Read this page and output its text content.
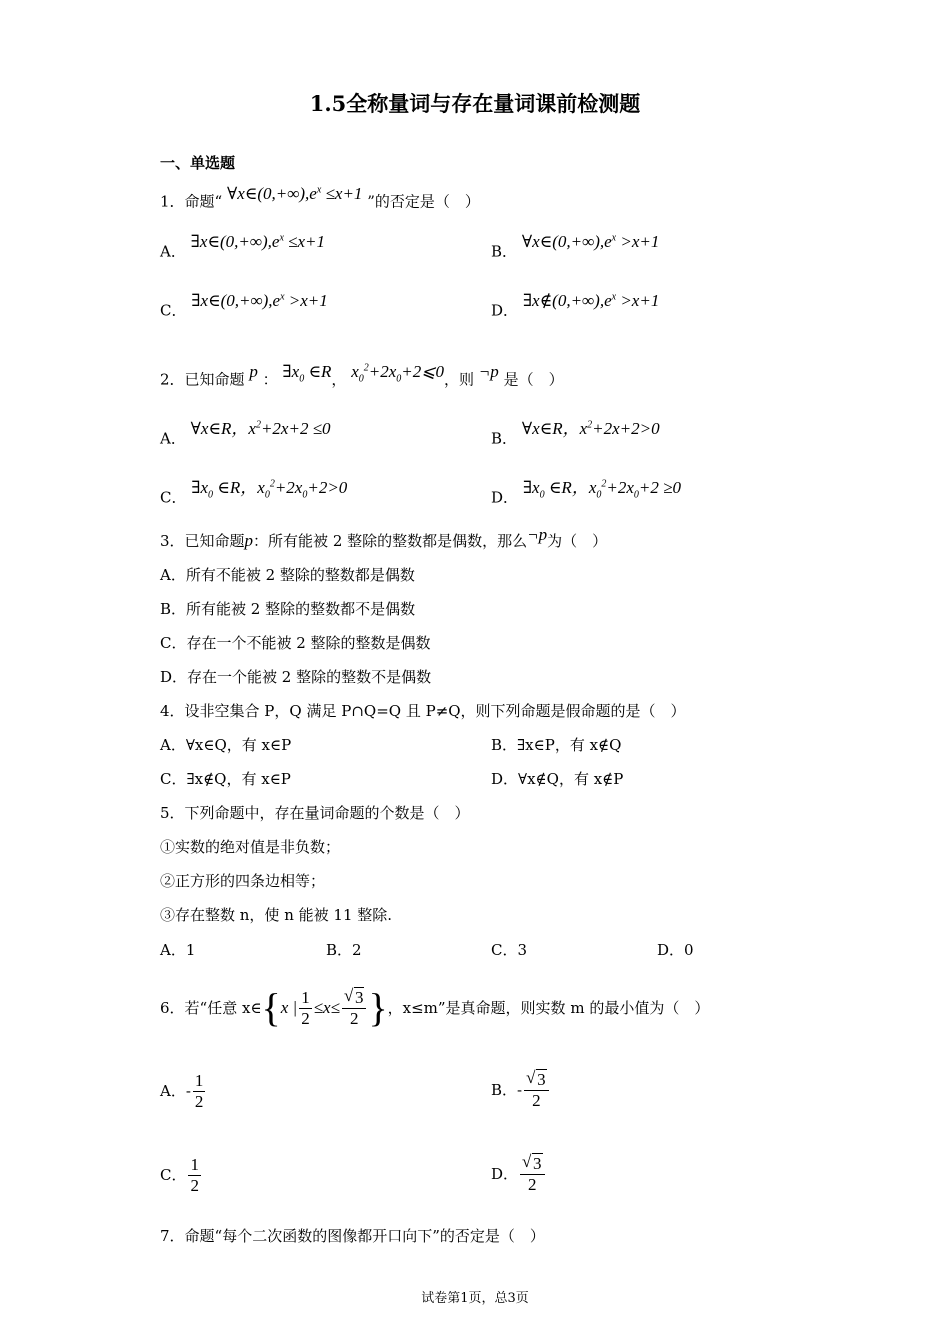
1.5全称量词与存在量词课前检测题
一、单选题
1．命题“ $\forall x\in(0,+\infty),e^x \le x+1$ ”的否定是（　）
A． $\exists x\in(0,+\infty),e^x \le x+1$
B． $\forall x\in(0,+\infty),e^x >x+1$
C． $\exists x\in(0,+\infty),e^x >x+1$
D． $\exists x\notin(0,+\infty),e^x >x+1$
2．已知命题 p ： $\exists x_0$ ∈R， $x_0^2+2x_0+2⩽0$，则 ¬p 是（　）
A． ∀x∈R，$x^2+2x+2 \le 0$
B． ∀x∈R，$x^2+2x+2>0$
C． $\exists x_0$ ∈R，$x_0^2+2x_0+2>0$
D． $\exists x_0$ ∈R，$x_0^2+2x_0+2 \ge 0$
3．已知命题p：所有能被 2 整除的整数都是偶数，那么¬p为（　）
A．所有不能被 2 整除的整数都是偶数
B．所有能被 2 整除的整数都不是偶数
C．存在一个不能被 2 整除的整数是偶数
D．存在一个能被 2 整除的整数不是偶数
4．设非空集合 P，Q 满足 P∩Q=Q 且 P≠Q，则下列命题是假命题的是（　）
A．∀x∈Q，有 x∈P	B．∃x∈P，有 x∉Q
C．∃x∉Q，有 x∈P	D．∀x∉Q，有 x∉P
5．下列命题中，存在量词命题的个数是（　）
①实数的绝对值是非负数；
②正方形的四条边相等；
③存在整数 n，使 n 能被 11 整除.
A．1	B．2	C．3	D．0
6．若“任意 x∈ { x | $\frac{1}{2} \le x\le$ √ $\frac{3}{2}$ } ，x≤m”是真命题，则实数 m 的最小值为（　）
A． - $\frac{1}{2}$	B． - √ $\frac{3}{2}$
C． $\frac{1}{2}$	D． √ $\frac{3}{2}$
7．命题“每个二次函数的图像都开口向下”的否定是（　）
试卷第1页，总3页
